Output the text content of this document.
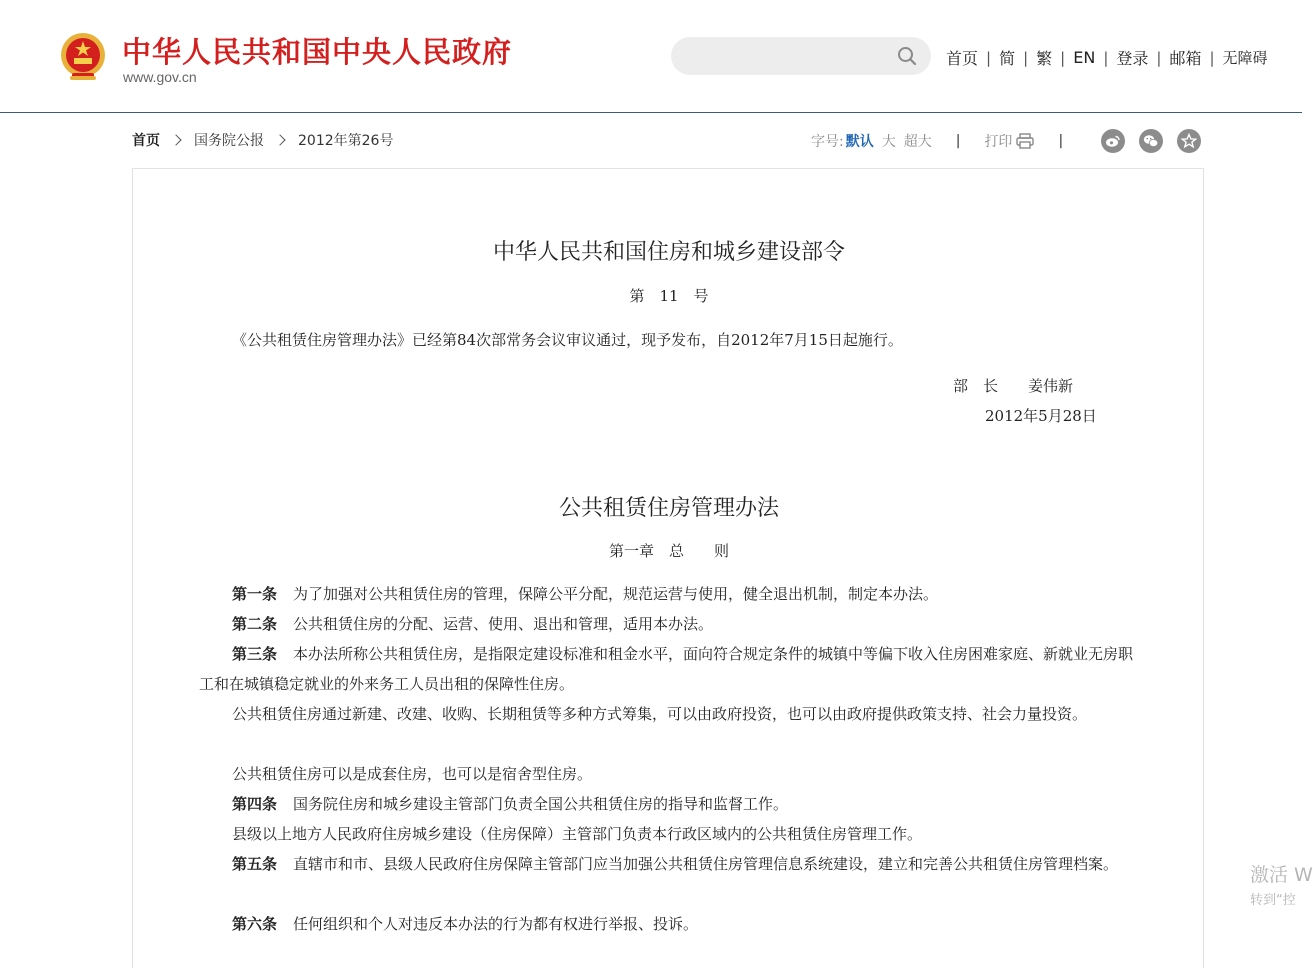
中华人民共和国中央人民政府
www.gov.cn
首页 | 简 | 繁 | EN | 登录 | 邮箱 | 无障碍
首页 国务院公报 2012年第26号	字号: 默认 大 超大 | 打印	|
中华人民共和国住房和城乡建设部令
第　11　号
《公共租赁住房管理办法》已经第84次部常务会议审议通过，现予发布，自2012年7月15日起施行。
部　长　　姜伟新
2012年5月28日
公共租赁住房管理办法
第一章　总　　则
第一条 为了加强对公共租赁住房的管理，保障公平分配，规范运营与使用，健全退出机制，制定本办法。
第二条 公共租赁住房的分配、运营、使用、退出和管理，适用本办法。
第三条 本办法所称公共租赁住房，是指限定建设标准和租金水平，面向符合规定条件的城镇中等偏下收入住房困难家庭、新就业无房职工和在城镇稳定就业的外来务工人员出租的保障性住房。
公共租赁住房通过新建、改建、收购、长期租赁等多种方式筹集，可以由政府投资，也可以由政府提供政策支持、社会力量投资。
公共租赁住房可以是成套住房，也可以是宿舍型住房。
第四条 国务院住房和城乡建设主管部门负责全国公共租赁住房的指导和监督工作。
县级以上地方人民政府住房城乡建设（住房保障）主管部门负责本行政区域内的公共租赁住房管理工作。
第五条 直辖市和市、县级人民政府住房保障主管部门应当加强公共租赁住房管理信息系统建设，建立和完善公共租赁住房管理档案。
第六条 任何组织和个人对违反本办法的行为都有权进行举报、投诉。
激活 W
转到“控
